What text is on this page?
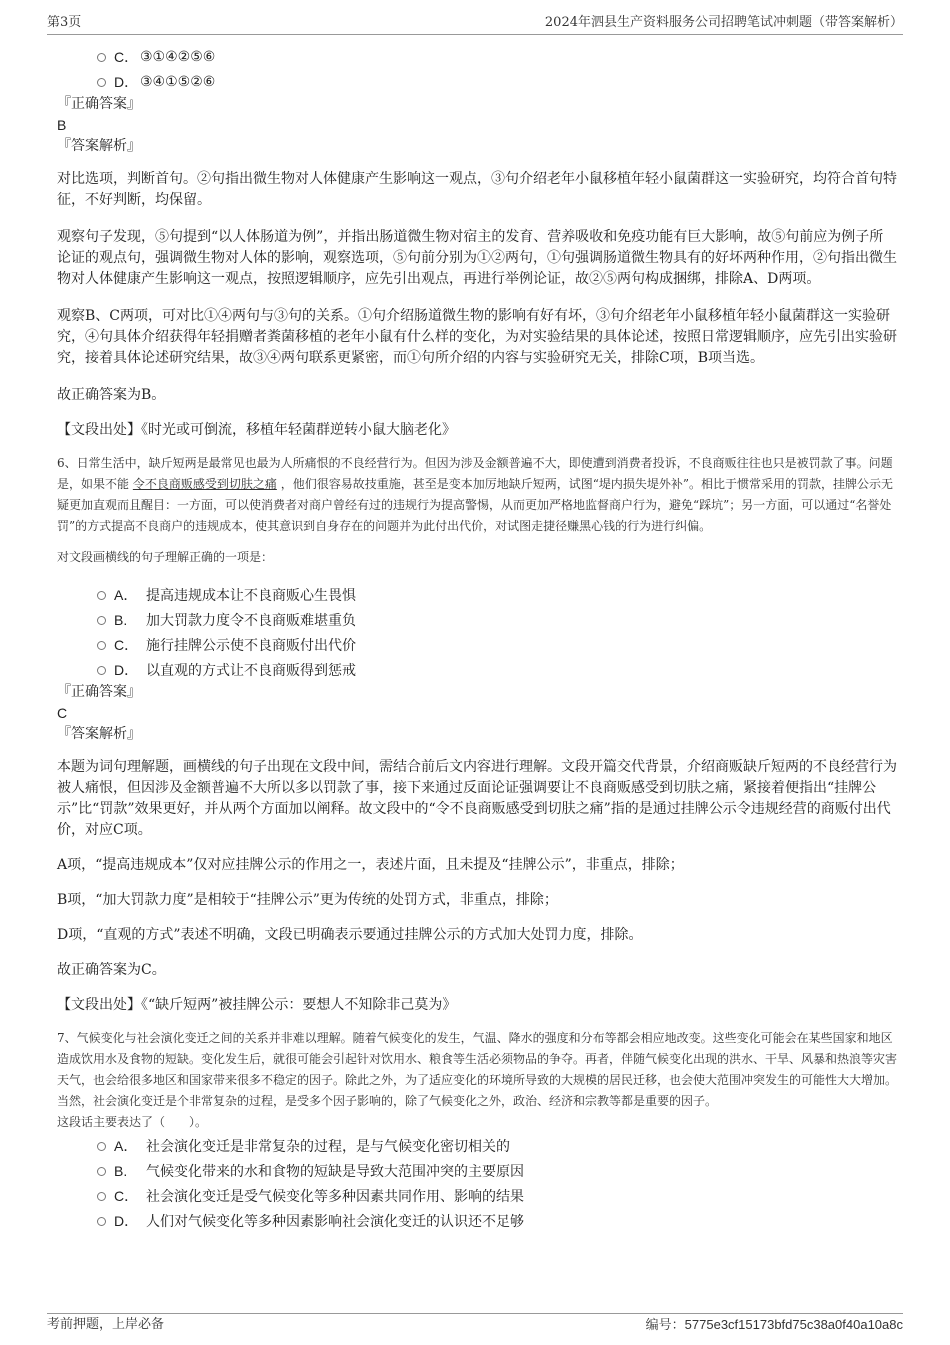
第3页	2024年泗县生产资料服务公司招聘笔试冲刺题（带答案解析）
C． ③①④②⑤⑥
D． ③④①⑤②⑥
『正确答案』
B
『答案解析』

对比选项，判断首句。②句指出微生物对人体健康产生影响这一观点，③句介绍老年小鼠移植年轻小鼠菌群这一实验研究，均符合首句特征，不好判断，均保留。

观察句子发现，⑤句提到“以人体肠道为例”，并指出肠道微生物对宿主的发育、营养吸收和免疫功能有巨大影响，故⑤句前应为例子所论证的观点句，强调微生物对人体的影响，观察选项，⑤句前分别为①②两句，①句强调肠道微生物具有的好坏两种作用，②句指出微生物对人体健康产生影响这一观点，按照逻辑顺序，应先引出观点，再进行举例论证，故②⑤两句构成捆绑，排除A、D两项。

观察B、C两项，可对比①④两句与③句的关系。①句介绍肠道微生物的影响有好有坏，③句介绍老年小鼠移植年轻小鼠菌群这一实验研究，④句具体介绍获得年轻捐赠者粪菌移植的老年小鼠有什么样的变化，为对实验结果的具体论述，按照日常逻辑顺序，应先引出实验研究，接着具体论述研究结果，故③④两句联系更紧密，而①句所介绍的内容与实验研究无关，排除C项，B项当选。

故正确答案为B。

【文段出处】《时光或可倒流，移植年轻菌群逆转小鼠大脑老化》

6、日常生活中，缺斤短两是最常见也最为人所痛恨的不良经营行为。但因为涉及金额普遍不大，即使遭到消费者投诉，不良商贩往往也只是被罚款了事。问题是，如果不能 令不良商贩感受到切肤之痛 ，他们很容易故技重施，甚至是变本加厉地缺斤短两，试图“堤内损失堤外补”。相比于惯常采用的罚款，挂牌公示无疑更加直观而且醒目：一方面，可以使消费者对商户曾经有过的违规行为提高警惕，从而更加严格地监督商户行为，避免“踩坑”；另一方面，可以通过“名誉处罚”的方式提高不良商户的违规成本，使其意识到自身存在的问题并为此付出代价，对试图走捷径赚黑心钱的行为进行纠偏。

对文段画横线的句子理解正确的一项是：

A． 提高违规成本让不良商贩心生畏惧
B.	加大罚款力度令不良商贩难堪重负
C． 施行挂牌公示使不良商贩付出代价
D． 以直观的方式让不良商贩得到惩戒
『正确答案』
C
『答案解析』

本题为词句理解题，画横线的句子出现在文段中间，需结合前后文内容进行理解。文段开篇交代背景，介绍商贩缺斤短两的不良经营行为被人痛恨，但因涉及金额普遍不大所以多以罚款了事，接下来通过反面论证强调要让不良商贩感受到切肤之痛，紧接着便指出“挂牌公示”比“罚款”效果更好，并从两个方面加以阐释。故文段中的“令不良商贩感受到切肤之痛”指的是通过挂牌公示令违规经营的商贩付出代价，对应C项。

A项，“提高违规成本”仅对应挂牌公示的作用之一，表述片面，且未提及“挂牌公示”，非重点，排除；

B项，“加大罚款力度”是相较于“挂牌公示”更为传统的处罚方式，非重点，排除；

D项，“直观的方式”表述不明确，文段已明确表示要通过挂牌公示的方式加大处罚力度，排除。

故正确答案为C。

【文段出处】《“缺斤短两”被挂牌公示：要想人不知除非己莫为》

7、气候变化与社会演化变迁之间的关系并非难以理解。随着气候变化的发生，气温、降水的强度和分布等都会相应地改变。这些变化可能会在某些国家和地区造成饮用水及食物的短缺。变化发生后，就很可能会引起针对饮用水、粮食等生活必须物品的争夺。再者，伴随气候变化出现的洪水、干旱、风暴和热浪等灾害天气，也会给很多地区和国家带来很多不稳定的因子。除此之外，为了适应变化的环境所导致的大规模的居民迁移，也会使大范围冲突发生的可能性大大增加。当然，社会演化变迁是个非常复杂的过程，是受多个因子影响的，除了气候变化之外，政治、经济和宗教等都是重要的因子。

这段话主要表达了（　　）。

A． 社会演化变迁是非常复杂的过程，是与气候变化密切相关的
B.	气候变化带来的水和食物的短缺是导致大范围冲突的主要原因
C． 社会演化变迁是受气候变化等多种因素共同作用、影响的结果
D． 人们对气候变化等多种因素影响社会演化变迁的认识还不足够
考前押题，上岸必备	编号：5775e3cf15173bfd75c38a0f40a10a8c
